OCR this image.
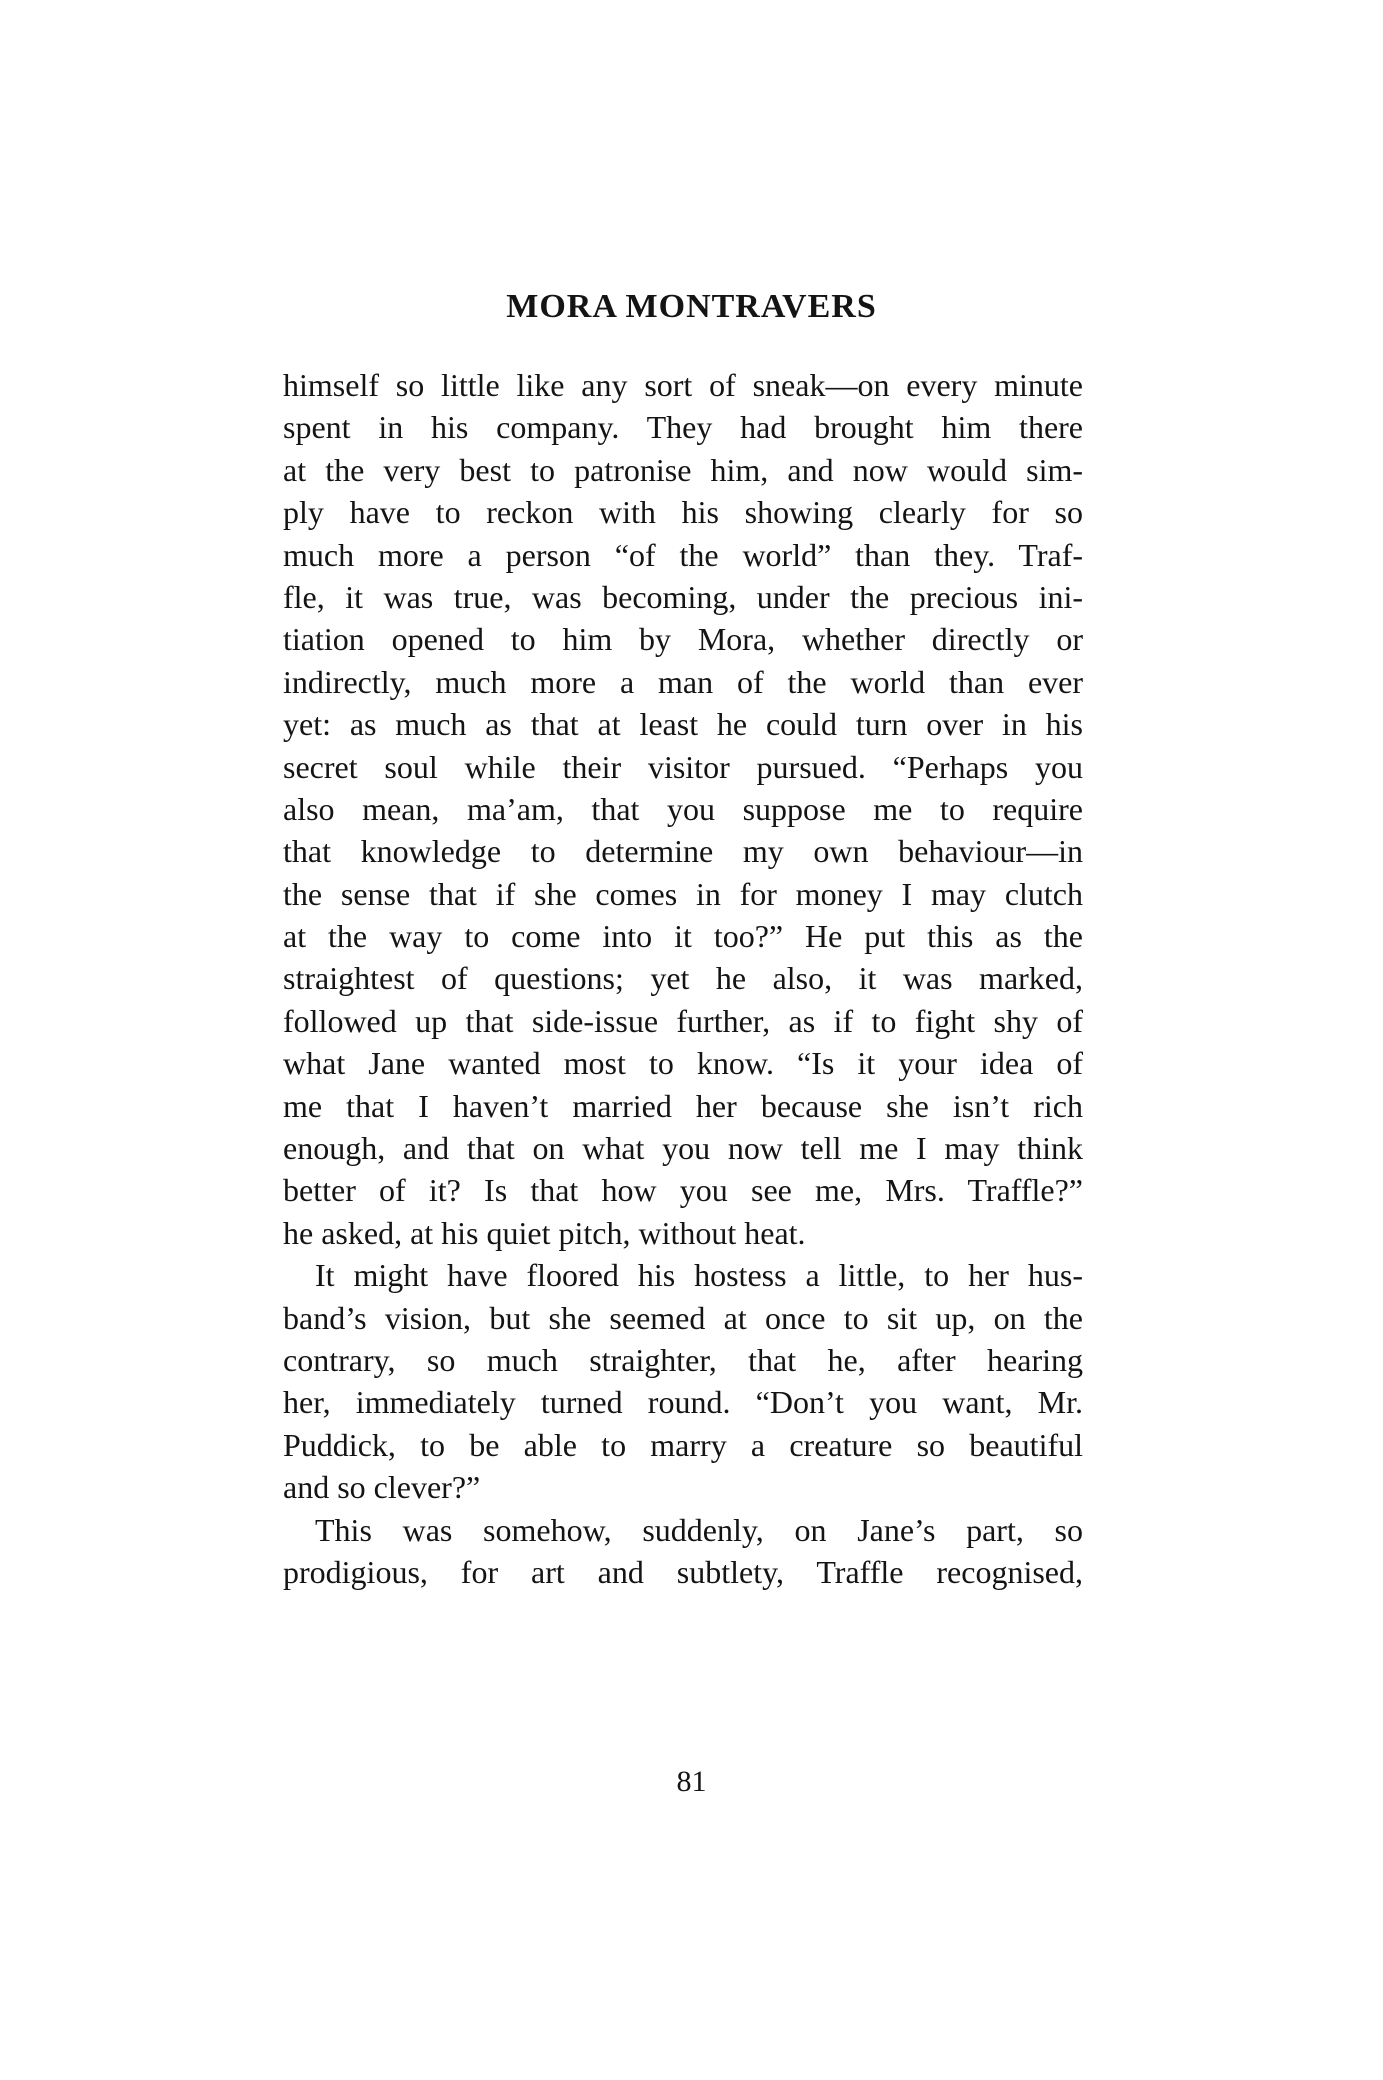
MORA MONTRAVERS

himself so little like any sort of sneak—on every minute
spent in his company. They had brought him there
at the very best to patronise him, and now would sim-
ply have to reckon with his showing clearly for so
much more a person “of the world” than they. Traf-
fle, it was true, was becoming, under the precious ini-
tiation opened to him by Mora, whether directly or
indirectly, much more a man of the world than ever
yet: as much as that at least he could turn over in his
secret soul while their visitor pursued. “Perhaps you
also mean, ma’am, that you suppose me to require
that knowledge to determine my own behaviour—in
the sense that if she comes in for money I may clutch
at the way to come into it too?” He put this as the
straightest of questions; yet he also, it was marked,
followed up that side-issue further, as if to fight shy of
what Jane wanted most to know. “Is it your idea of
me that I haven’t married her because she isn’t rich
enough, and that on what you now tell me I may think
better of it? Is that how you see me, Mrs. Traffle?”
he asked, at his quiet pitch, without heat.

It might have floored his hostess a little, to her hus-
band’s vision, but she seemed at once to sit up, on the
contrary, so much straighter, that he, after hearing
her, immediately turned round. “Don’t you want, Mr.
Puddick, to be able to marry a creature so beautiful
and so clever?”

This was somehow, suddenly, on Jane’s part, so
prodigious, for art and subtlety, Traffle recognised,

81
